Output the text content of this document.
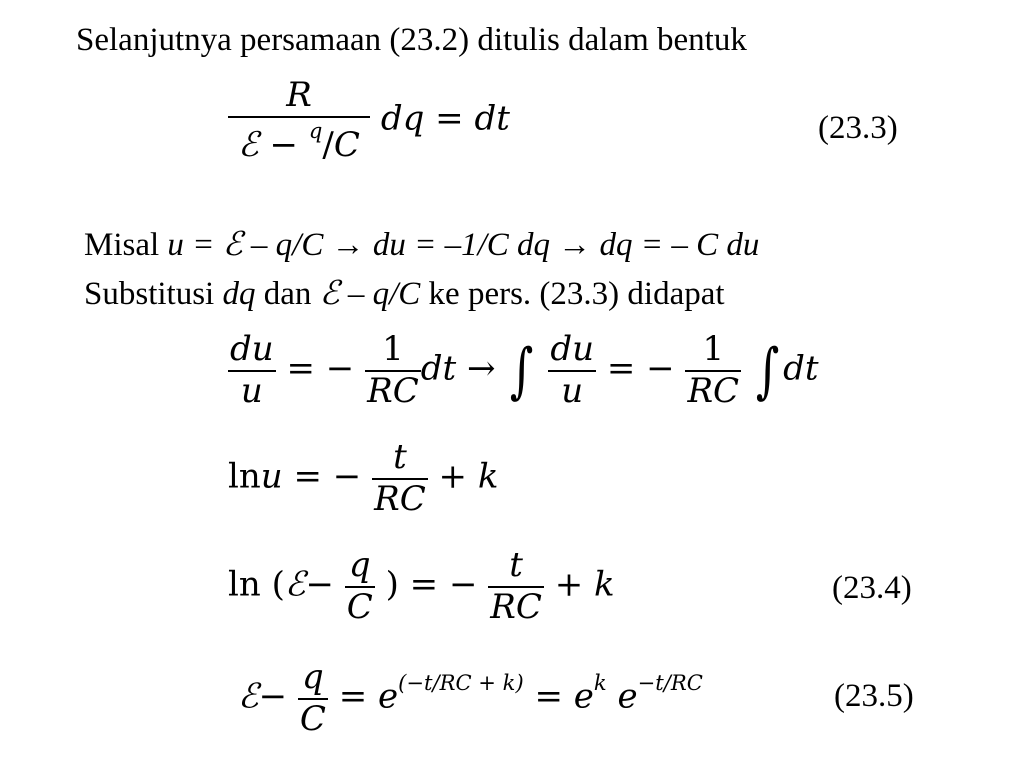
Selanjutnya persamaan (23.2) ditulis dalam bentuk
$\frac{R}{ℰ - ^q/C}$ dq = dt	(23.3)
Misal u = ℰ – q/C → du = –1/C dq → dq = – C du
Substitusi dq dan ℰ – q/C ke pers. (23.3) didapat
$\frac{du}{u}$ = − $\frac{1}{RC}$ dt → ∫ $\frac{du}{u}$ = − $\frac{1}{RC}$ ∫ dt
lnu = − $\frac{t}{RC} + k$
ln (ℰ− $\frac{q}{C}$ ) = − $\frac{t}{RC} + k$	(23.4)
ℰ− $\frac{q}{C} = e^{(-t/RC + k)} = e^k$ $e^{-t/RC}$	(23.5)
